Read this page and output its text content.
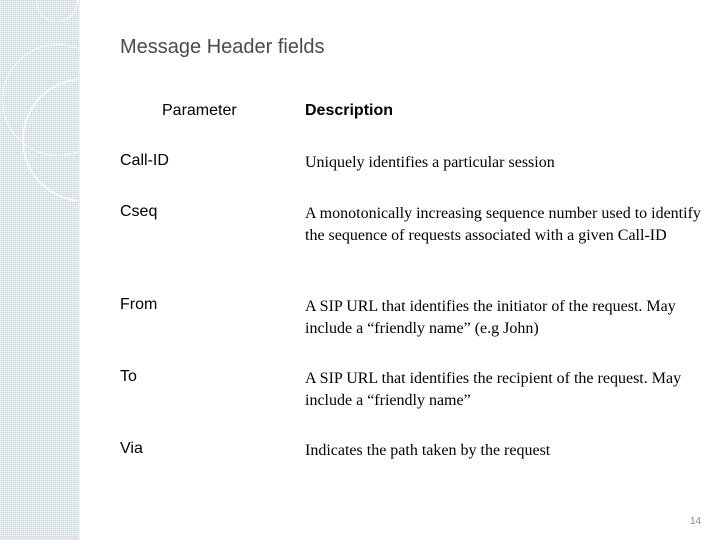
Message Header fields
Parameter	Description
Call-ID	Uniquely identifies a particular session
Cseq	A monotonically increasing sequence number used to identify the sequence of requests associated with a given Call-ID
From	A SIP URL that identifies the initiator of the request. May include a “friendly name” (e.g John)
To	A SIP URL that identifies the recipient of the request. May include a “friendly name”
Via	Indicates the path taken by the request
14
